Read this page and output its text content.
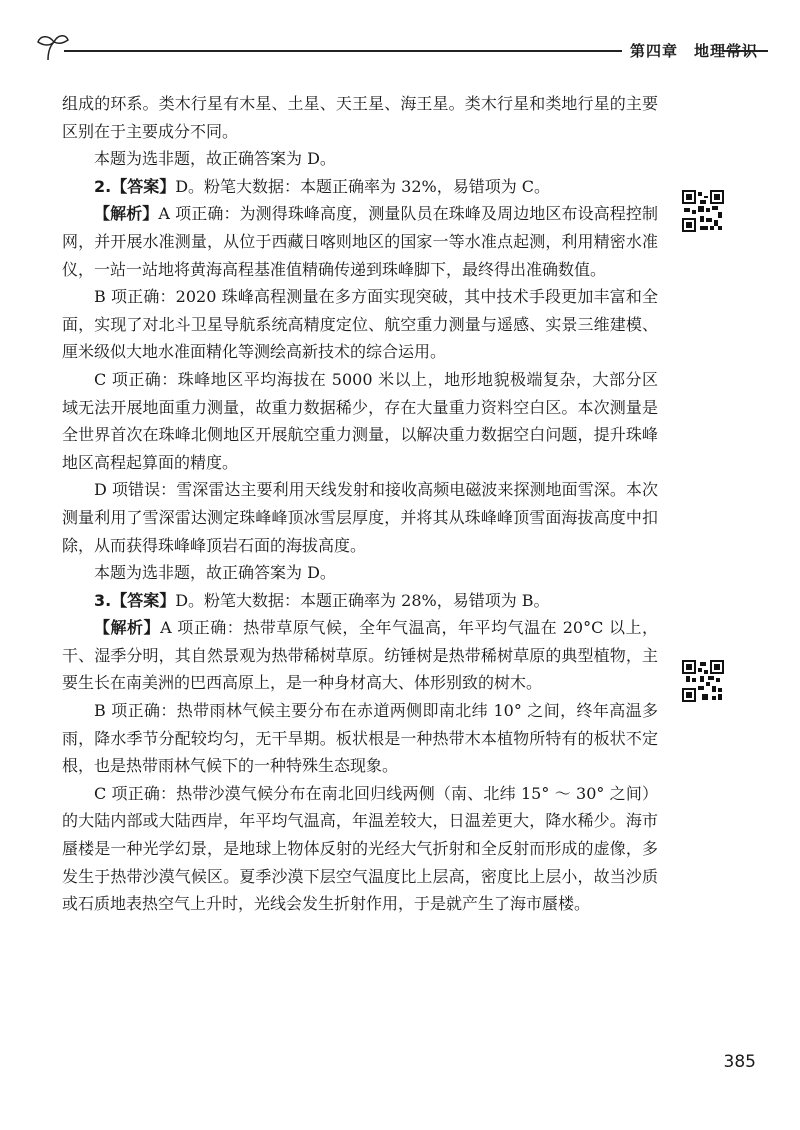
第四章　地理常识

组成的环系。类木行星有木星、土星、天王星、海王星。类木行星和类地行星的主要区别在于主要成分不同。

本题为选非题，故正确答案为 D。

2.【答案】D。粉笔大数据：本题正确率为 32%，易错项为 C。

【解析】A 项正确：为测得珠峰高度，测量队员在珠峰及周边地区布设高程控制网，并开展水准测量，从位于西藏日喀则地区的国家一等水准点起测，利用精密水准仪，一站一站地将黄海高程基准值精确传递到珠峰脚下，最终得出准确数值。

B 项正确：2020 珠峰高程测量在多方面实现突破，其中技术手段更加丰富和全面，实现了对北斗卫星导航系统高精度定位、航空重力测量与遥感、实景三维建模、厘米级似大地水准面精化等测绘高新技术的综合运用。

C 项正确：珠峰地区平均海拔在 5000 米以上，地形地貌极端复杂，大部分区域无法开展地面重力测量，故重力数据稀少，存在大量重力资料空白区。本次测量是全世界首次在珠峰北侧地区开展航空重力测量，以解决重力数据空白问题，提升珠峰地区高程起算面的精度。

D 项错误：雪深雷达主要利用天线发射和接收高频电磁波来探测地面雪深。本次测量利用了雪深雷达测定珠峰峰顶冰雪层厚度，并将其从珠峰峰顶雪面海拔高度中扣除，从而获得珠峰峰顶岩石面的海拔高度。

本题为选非题，故正确答案为 D。

3.【答案】D。粉笔大数据：本题正确率为 28%，易错项为 B。

【解析】A 项正确：热带草原气候，全年气温高，年平均气温在 20°C 以上，干、湿季分明，其自然景观为热带稀树草原。纺锤树是热带稀树草原的典型植物，主要生长在南美洲的巴西高原上，是一种身材高大、体形别致的树木。

B 项正确：热带雨林气候主要分布在赤道两侧即南北纬 10° 之间，终年高温多雨，降水季节分配较均匀，无干旱期。板状根是一种热带木本植物所特有的板状不定根，也是热带雨林气候下的一种特殊生态现象。

C 项正确：热带沙漠气候分布在南北回归线两侧（南、北纬 15° ～ 30° 之间）的大陆内部或大陆西岸，年平均气温高，年温差较大，日温差更大，降水稀少。海市蜃楼是一种光学幻景，是地球上物体反射的光经大气折射和全反射而形成的虚像，多发生于热带沙漠气候区。夏季沙漠下层空气温度比上层高，密度比上层小，故当沙质或石质地表热空气上升时，光线会发生折射作用，于是就产生了海市蜃楼。

385
